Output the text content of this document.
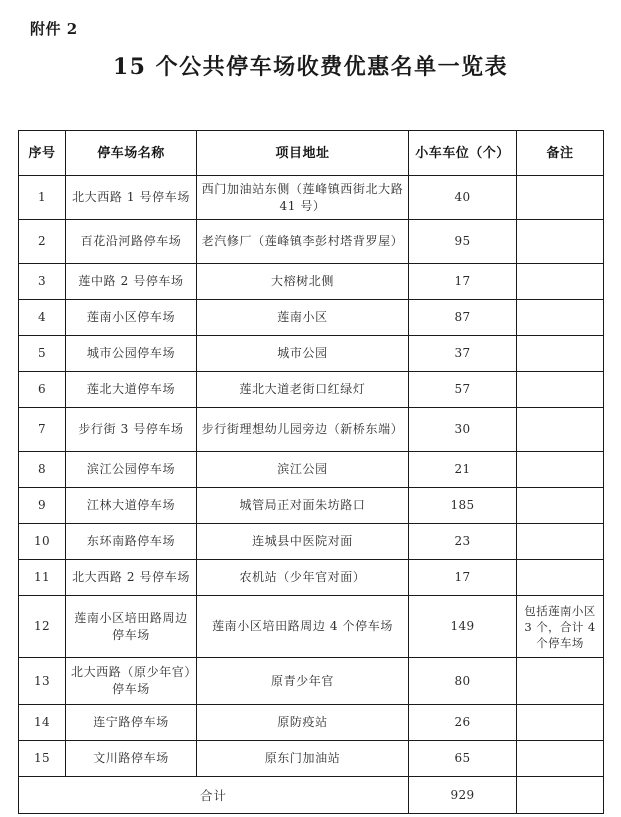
附件 2
15 个公共停车场收费优惠名单一览表
序号	停车场名称	项目地址	小车车位（个）	备注
1	北大西路 1 号停车场	西门加油站东侧（莲峰镇西街北大路 41 号）	40	
2	百花沿河路停车场	老汽修厂（莲峰镇李彭村塔背罗屋）	95	
3	莲中路 2 号停车场	大榕树北侧	17	
4	莲南小区停车场	莲南小区	87	
5	城市公园停车场	城市公园	37	
6	莲北大道停车场	莲北大道老街口红绿灯	57	
7	步行街 3 号停车场	步行街理想幼儿园旁边（新桥东端）	30	
8	滨江公园停车场	滨江公园	21	
9	江林大道停车场	城管局正对面朱坊路口	185	
10	东环南路停车场	连城县中医院对面	23	
11	北大西路 2 号停车场	农机站（少年官对面）	17	
12	莲南小区培田路周边停车场	莲南小区培田路周边 4 个停车场	149	包括莲南小区 3 个，合计 4 个停车场
13	北大西路（原少年官）停车场	原青少年官	80	
14	连宁路停车场	原防疫站	26	
15	文川路停车场	原东门加油站	65	
合计			929	
